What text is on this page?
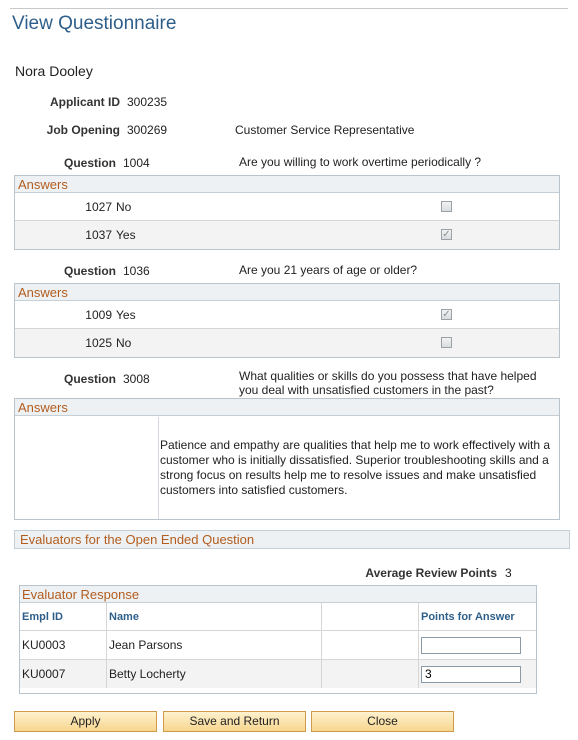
View Questionnaire
Nora Dooley
Applicant ID 300235
Job Opening 300269	Customer Service Representative
Question 1004	Are you willing to work overtime periodically ?
Answers
1027 No
1037 Yes	✓
Question 1036	Are you 21 years of age or older?
Answers
1009 Yes	✓
1025 No
Question 3008	What qualities or skills do you possess that have helped you deal with unsatisfied customers in the past?
Answers
Patience and empathy are qualities that help me to work effectively with a customer who is initially dissatisfied. Superior troubleshooting skills and a strong focus on results help me to resolve issues and make unsatisfied customers into satisfied customers.
Evaluators for the Open Ended Question
Average Review Points 3
Evaluator Response
Empl ID	Name		Points for Answer
KU0003	Jean Parsons		
KU0007	Betty Locherty		3
Apply	Save and Return	Close
